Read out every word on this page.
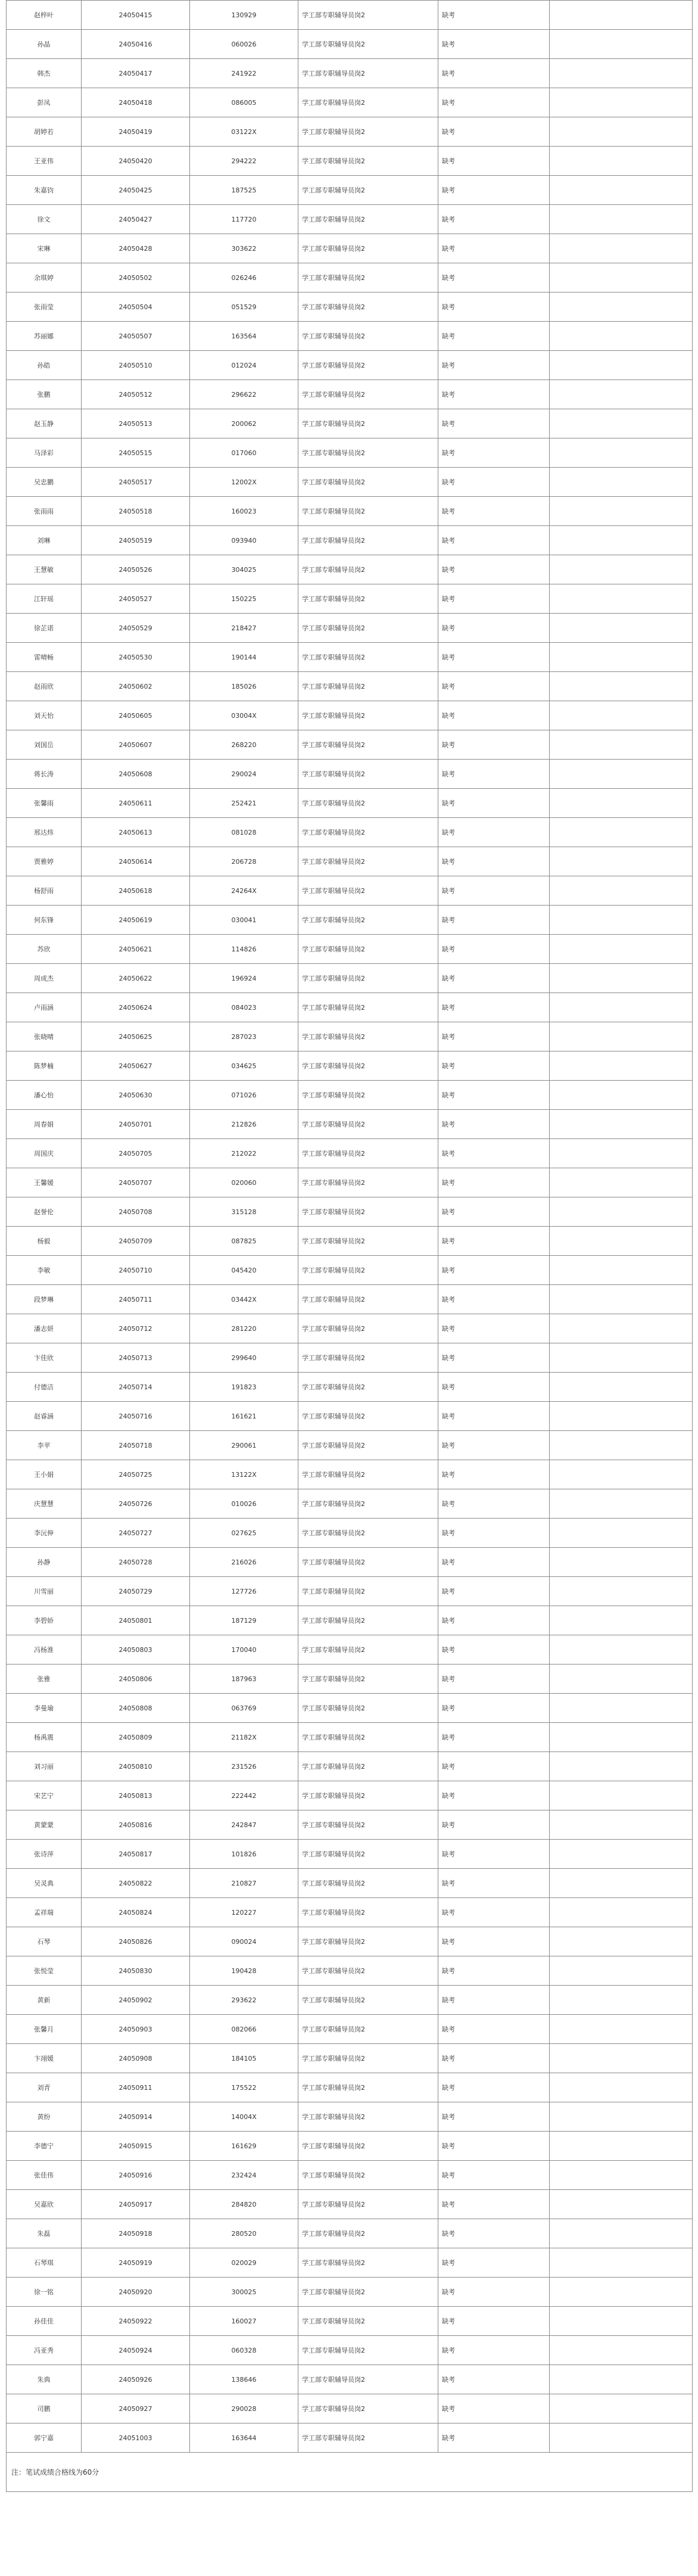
赵梓叶	24050415	130929	学工部专职辅导员岗2	缺考	
孙晶	24050416	060026	学工部专职辅导员岗2	缺考	
韩杰	24050417	241922	学工部专职辅导员岗2	缺考	
彭凤	24050418	086005	学工部专职辅导员岗2	缺考	
胡婷若	24050419	03122X	学工部专职辅导员岗2	缺考	
王亚伟	24050420	294222	学工部专职辅导员岗2	缺考	
朱嘉钧	24050425	187525	学工部专职辅导员岗2	缺考	
徐文	24050427	117720	学工部专职辅导员岗2	缺考	
宋琳	24050428	303622	学工部专职辅导员岗2	缺考	
余琪婷	24050502	026246	学工部专职辅导员岗2	缺考	
张雨莹	24050504	051529	学工部专职辅导员岗2	缺考	
苏丽娜	24050507	163564	学工部专职辅导员岗2	缺考	
孙皓	24050510	012024	学工部专职辅导员岗2	缺考	
张鹏	24050512	296622	学工部专职辅导员岗2	缺考	
赵玉静	24050513	200062	学工部专职辅导员岗2	缺考	
马泽彩	24050515	017060	学工部专职辅导员岗2	缺考	
吴忠鹏	24050517	12002X	学工部专职辅导员岗2	缺考	
张雨雨	24050518	160023	学工部专职辅导员岗2	缺考	
刘琳	24050519	093940	学工部专职辅导员岗2	缺考	
王慧敏	24050526	304025	学工部专职辅导员岗2	缺考	
江轩瑶	24050527	150225	学工部专职辅导员岗2	缺考	
徐芷诺	24050529	218427	学工部专职辅导员岗2	缺考	
雷晴畅	24050530	190144	学工部专职辅导员岗2	缺考	
赵雨欣	24050602	185026	学工部专职辅导员岗2	缺考	
刘天怡	24050605	03004X	学工部专职辅导员岗2	缺考	
刘国岳	24050607	268220	学工部专职辅导员岗2	缺考	
蒋长涛	24050608	290024	学工部专职辅导员岗2	缺考	
张馨雨	24050611	252421	学工部专职辅导员岗2	缺考	
邢达炜	24050613	081028	学工部专职辅导员岗2	缺考	
贾雅婷	24050614	206728	学工部专职辅导员岗2	缺考	
杨舒雨	24050618	24264X	学工部专职辅导员岗2	缺考	
何东锋	24050619	030041	学工部专职辅导员岗2	缺考	
苏欣	24050621	114826	学工部专职辅导员岗2	缺考	
周成杰	24050622	196924	学工部专职辅导员岗2	缺考	
卢雨涵	24050624	084023	学工部专职辅导员岗2	缺考	
张晓晴	24050625	287023	学工部专职辅导员岗2	缺考	
陈梦楠	24050627	034625	学工部专职辅导员岗2	缺考	
潘心怡	24050630	071026	学工部专职辅导员岗2	缺考	
周春娟	24050701	212826	学工部专职辅导员岗2	缺考	
周国庆	24050705	212022	学工部专职辅导员岗2	缺考	
王馨媛	24050707	020060	学工部专职辅导员岗2	缺考	
赵誉伦	24050708	315128	学工部专职辅导员岗2	缺考	
杨毅	24050709	087825	学工部专职辅导员岗2	缺考	
李敏	24050710	045420	学工部专职辅导员岗2	缺考	
段梦琳	24050711	03442X	学工部专职辅导员岗2	缺考	
潘志妍	24050712	281220	学工部专职辅导员岗2	缺考	
卞佳欣	24050713	299640	学工部专职辅导员岗2	缺考	
付德洁	24050714	191823	学工部专职辅导员岗2	缺考	
赵睿涵	24050716	161621	学工部专职辅导员岗2	缺考	
李苹	24050718	290061	学工部专职辅导员岗2	缺考	
王小娟	24050725	13122X	学工部专职辅导员岗2	缺考	
庆慧慧	24050726	010026	学工部专职辅导员岗2	缺考	
李沅伸	24050727	027625	学工部专职辅导员岗2	缺考	
孙静	24050728	216026	学工部专职辅导员岗2	缺考	
川雪丽	24050729	127726	学工部专职辅导员岗2	缺考	
李碧娇	24050801	187129	学工部专职辅导员岗2	缺考	
冯杨淮	24050803	170040	学工部专职辅导员岗2	缺考	
张雅	24050806	187963	学工部专职辅导员岗2	缺考	
李曼瑜	24050808	063769	学工部专职辅导员岗2	缺考	
杨禹震	24050809	21182X	学工部专职辅导员岗2	缺考	
刘习丽	24050810	231526	学工部专职辅导员岗2	缺考	
宋艺宁	24050813	222442	学工部专职辅导员岗2	缺考	
黄蒙蒙	24050816	242847	学工部专职辅导员岗2	缺考	
张诗萍	24050817	101826	学工部专职辅导员岗2	缺考	
吴灵典	24050822	210827	学工部专职辅导员岗2	缺考	
孟祥瑞	24050824	120227	学工部专职辅导员岗2	缺考	
石琴	24050826	090024	学工部专职辅导员岗2	缺考	
张悦莹	24050830	190428	学工部专职辅导员岗2	缺考	
黄新	24050902	293622	学工部专职辅导员岗2	缺考	
张馨月	24050903	082066	学工部专职辅导员岗2	缺考	
卞翊媛	24050908	184105	学工部专职辅导员岗2	缺考	
刘青	24050911	175522	学工部专职辅导员岗2	缺考	
黄纷	24050914	14004X	学工部专职辅导员岗2	缺考	
李德宁	24050915	161629	学工部专职辅导员岗2	缺考	
张佳伟	24050916	232424	学工部专职辅导员岗2	缺考	
吴嘉欣	24050917	284820	学工部专职辅导员岗2	缺考	
朱磊	24050918	280520	学工部专职辅导员岗2	缺考	
石琴琪	24050919	020029	学工部专职辅导员岗2	缺考	
徐一铭	24050920	300025	学工部专职辅导员岗2	缺考	
孙佳佳	24050922	160027	学工部专职辅导员岗2	缺考	
冯亚秀	24050924	060328	学工部专职辅导员岗2	缺考	
朱典	24050926	138646	学工部专职辅导员岗2	缺考	
司鹏	24050927	290028	学工部专职辅导员岗2	缺考	
郭宁嘉	24051003	163644	学工部专职辅导员岗2	缺考	
注：笔试成绩合格线为60分					
